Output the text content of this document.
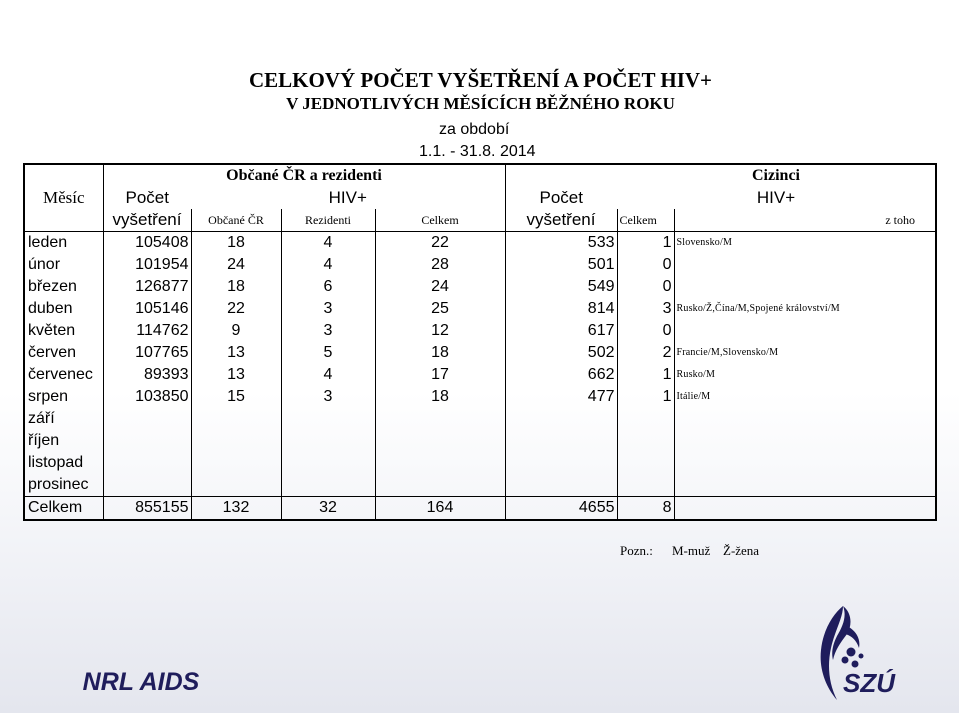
CELKOVÝ POČET VYŠETŘENÍ A POČET HIV+
V JEDNOTLIVÝCH MĚSÍCÍCH BĚŽNÉHO ROKU
za období
1.1. - 31.8. 2014
	Občané ČR a rezidenti					Cizinci	
Měsíc	Počet	HIV+			Počet	HIV+	
	vyšetření	Občané ČR	Rezidenti	Celkem	vyšetření	Celkem	z toho
leden	105408	18	4	22	533	1	Slovensko/M
únor	101954	24	4	28	501	0	
březen	126877	18	6	24	549	0	
duben	105146	22	3	25	814	3	Rusko/Ž,Čína/M,Spojené království/M
květen	114762	9	3	12	617	0	
červen	107765	13	5	18	502	2	Francie/M,Slovensko/M
červenec	89393	13	4	17	662	1	Rusko/M
srpen	103850	15	3	18	477	1	Itálie/M
září							
říjen							
listopad							
prosinec							
Celkem	855155	132	32	164	4655	8	
Pozn.: M-muž Ž-žena
NRL AIDS	SZÚ
